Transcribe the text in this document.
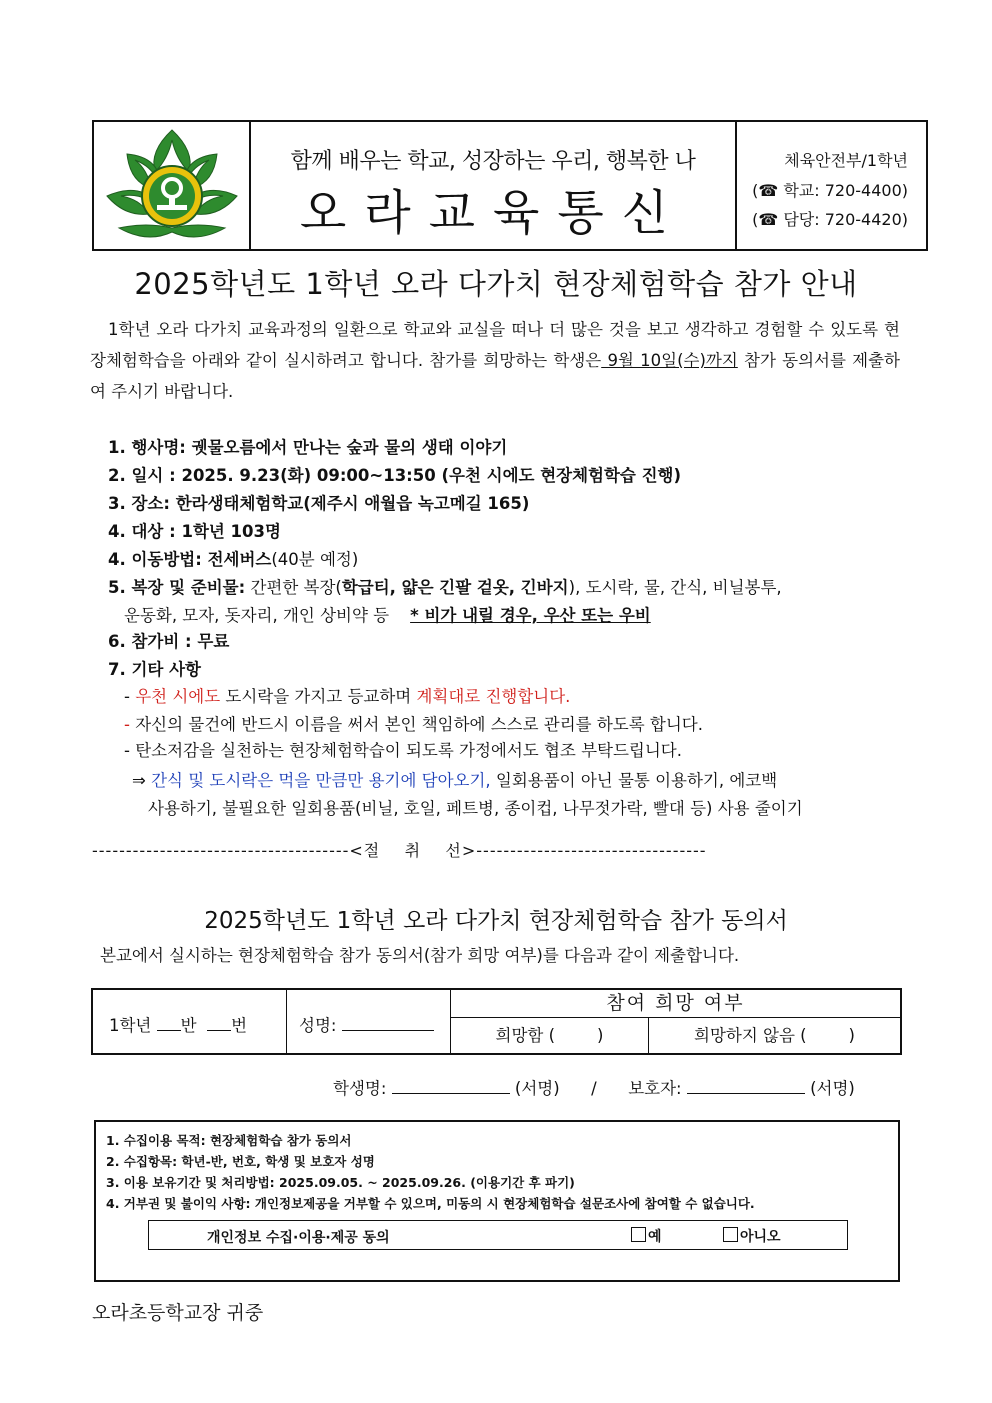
함께 배우는 학교, 성장하는 우리, 행복한 나
오라교육통신
체육안전부/1학년
(☎ 학교: 720-4400)
(☎ 담당: 720-4420)
2025학년도 1학년 오라 다가치 현장체험학습 참가 안내
1학년 오라 다가치 교육과정의 일환으로 학교와 교실을 떠나 더 많은 것을 보고 생각하고 경험할 수 있도록 현장체험학습을 아래와 같이 실시하려고 합니다. 참가를 희망하는 학생은 9월 10일(수)까지 참가 동의서를 제출하여 주시기 바랍니다.
1. 행사명: 궷물오름에서 만나는 숲과 물의 생태 이야기
2. 일시 : 2025. 9.23(화) 09:00~13:50 (우천 시에도 현장체험학습 진행)
3. 장소: 한라생태체험학교(제주시 애월읍 녹고메길 165)
4. 대상 : 1학년 103명
4. 이동방법: 전세버스(40분 예정)
5. 복장 및 준비물: 간편한 복장(학급티, 얇은 긴팔 겉옷, 긴바지), 도시락, 물, 간식, 비닐봉투,
운동화, 모자, 돗자리, 개인 상비약 등 * 비가 내릴 경우, 우산 또는 우비
6. 참가비 : 무료
7. 기타 사항
- 우천 시에도 도시락을 가지고 등교하며 계획대로 진행합니다.
- 자신의 물건에 반드시 이름을 써서 본인 책임하에 스스로 관리를 하도록 합니다.
- 탄소저감을 실천하는 현장체험학습이 되도록 가정에서도 협조 부탁드립니다.
⇒ 간식 및 도시락은 먹을 만큼만 용기에 담아오기, 일회용품이 아닌 물통 이용하기, 에코백
사용하기, 불필요한 일회용품(비닐, 호일, 페트병, 종이컵, 나무젓가락, 빨대 등) 사용 줄이기
--------------------------------------<절    취    선>----------------------------------
2025학년도 1학년 오라 다가치 현장체험학습 참가 동의서
본교에서 실시하는 현장체험학습 참가 동의서(참가 희망 여부)를 다음과 같이 제출합니다.
1학년 반 번	성명:
참여 희망 여부
희망함 (        )	희망하지 않음 (        )
학생명:	(서명) / 보호자:	(서명)
1. 수집이용 목적: 현장체험학습 참가 동의서
2. 수집항목: 학년-반, 번호, 학생 및 보호자 성명
3. 이용 보유기간 및 처리방법: 2025.09.05. ~ 2025.09.26. (이용기간 후 파기)
4. 거부권 및 불이익 사항: 개인정보제공을 거부할 수 있으며, 미동의 시 현장체험학습 설문조사에 참여할 수 없습니다.
개인정보 수집·이용·제공 동의	예	아니오
오라초등학교장 귀중
